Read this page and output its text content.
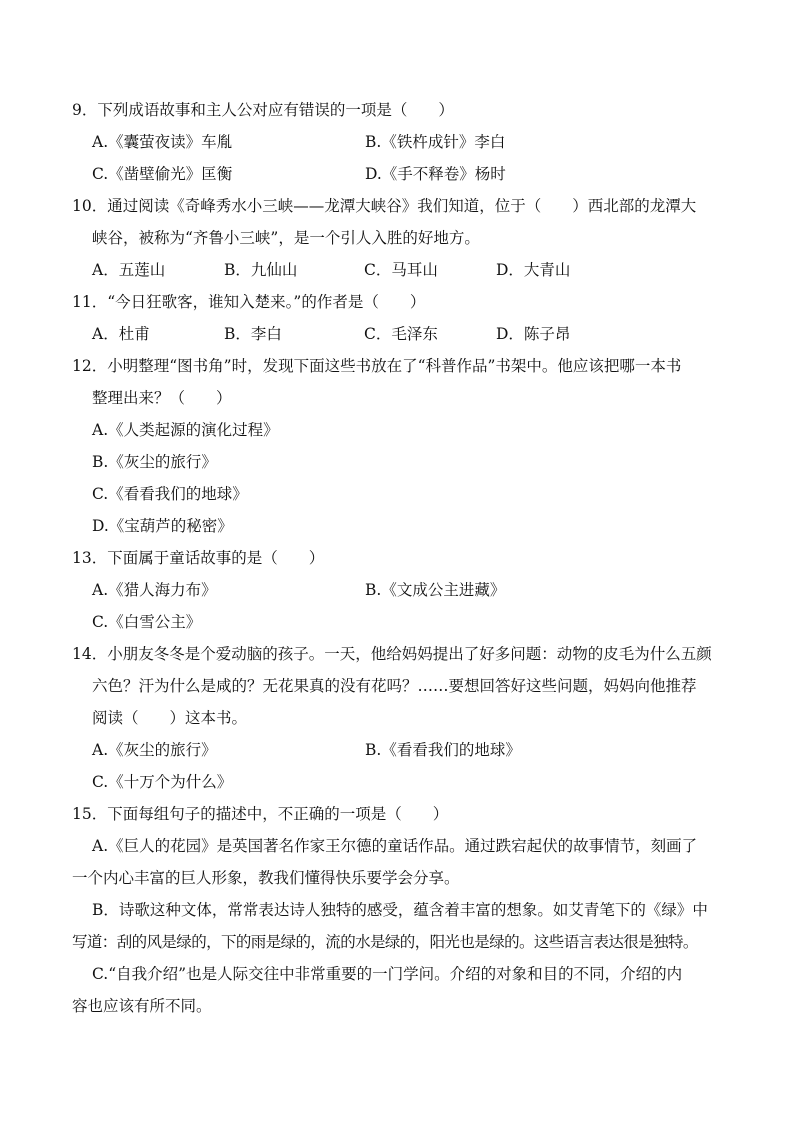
9．下列成语故事和主人公对应有错误的一项是（　　）
A.《囊萤夜读》车胤	B.《铁杵成针》李白
C.《凿壁偷光》匡衡	D.《手不释卷》杨时
10．通过阅读《奇峰秀水小三峡——龙潭大峡谷》我们知道，位于（　　）西北部的龙潭大
峡谷，被称为“齐鲁小三峡”，是一个引人入胜的好地方。
A．五莲山	B．九仙山	C．马耳山	D．大青山
11．“今日狂歌客，谁知入楚来。”的作者是（　　）
A．杜甫	B．李白	C．毛泽东	D．陈子昂
12．小明整理“图书角”时，发现下面这些书放在了“科普作品”书架中。他应该把哪一本书
整理出来？（　　）
A.《人类起源的演化过程》
B.《灰尘的旅行》
C.《看看我们的地球》
D.《宝葫芦的秘密》
13．下面属于童话故事的是（　　）
A.《猎人海力布》	B.《文成公主进藏》
C.《白雪公主》
14．小朋友冬冬是个爱动脑的孩子。一天，他给妈妈提出了好多问题：动物的皮毛为什么五颜
六色？汗为什么是咸的？无花果真的没有花吗？……要想回答好这些问题，妈妈向他推荐
阅读（　　）这本书。
A.《灰尘的旅行》	B.《看看我们的地球》
C.《十万个为什么》
15．下面每组句子的描述中，不正确的一项是（　　）
A.《巨人的花园》是英国著名作家王尔德的童话作品。通过跌宕起伏的故事情节，刻画了
一个内心丰富的巨人形象，教我们懂得快乐要学会分享。
B．诗歌这种文体，常常表达诗人独特的感受，蕴含着丰富的想象。如艾青笔下的《绿》中
写道：刮的风是绿的，下的雨是绿的，流的水是绿的，阳光也是绿的。这些语言表达很是独特。
C.“自我介绍”也是人际交往中非常重要的一门学问。介绍的对象和目的不同，介绍的内
容也应该有所不同。
